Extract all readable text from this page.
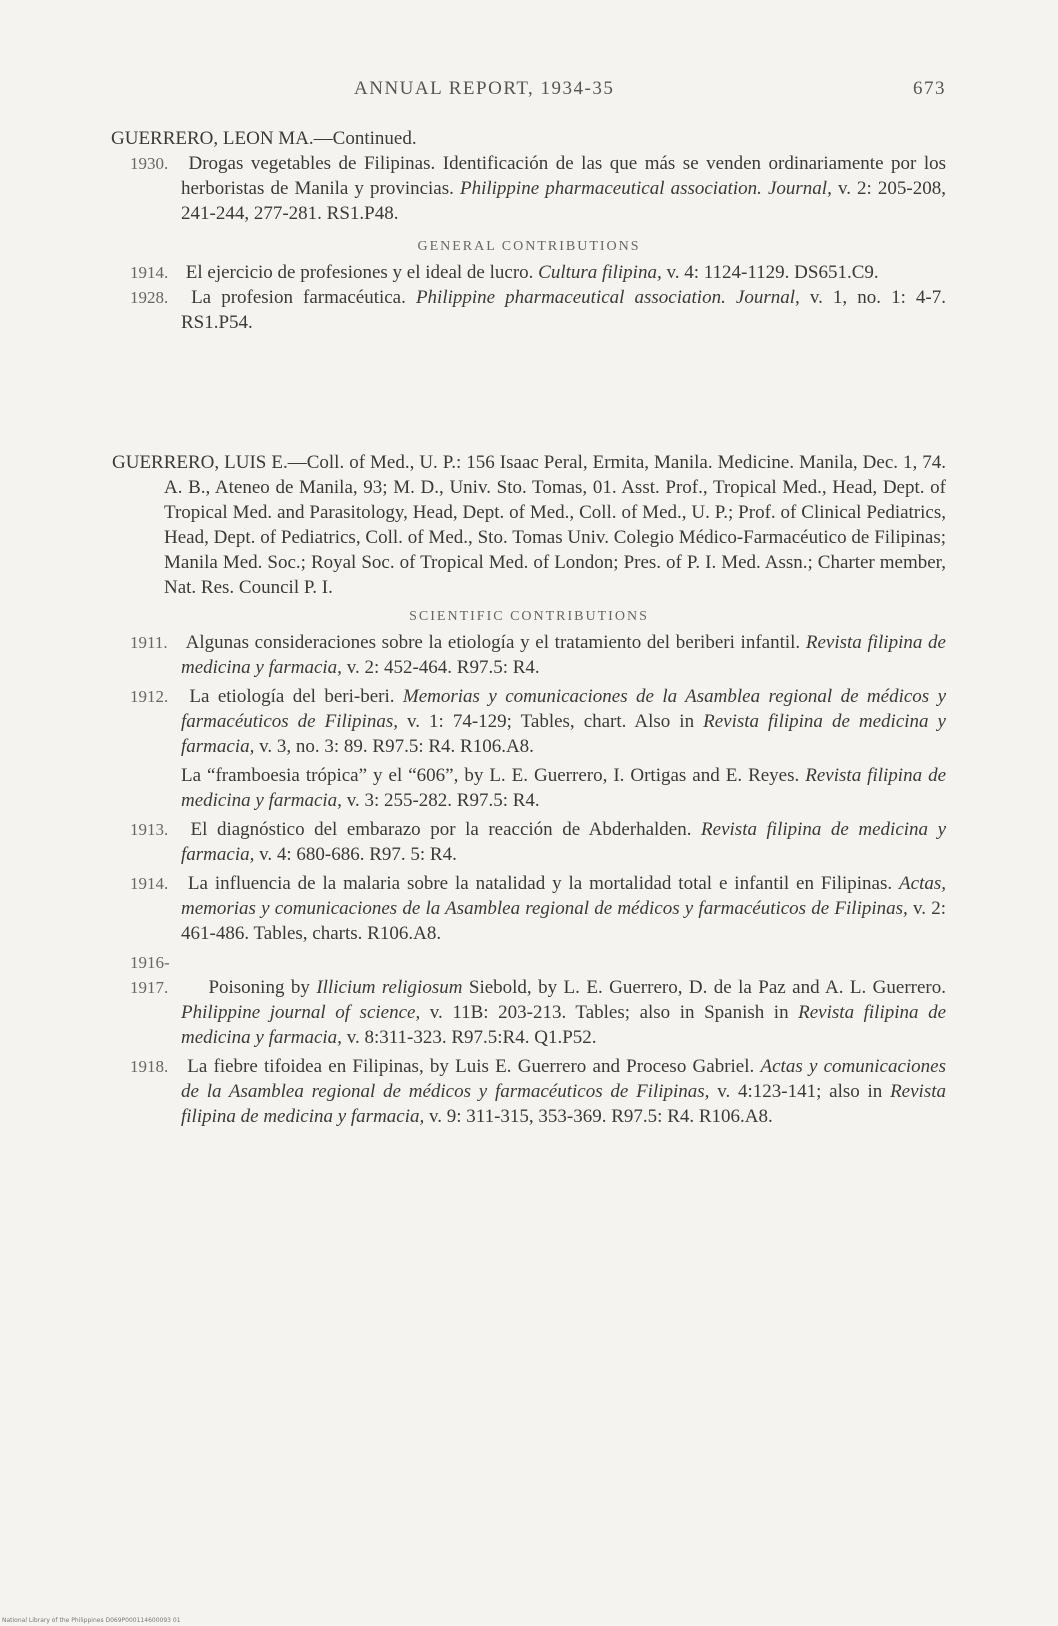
ANNUAL REPORT, 1934-35	673

GUERRERO, LEON MA.—Continued.

1930. Drogas vegetables de Filipinas. Identificación de las que más se venden ordinariamente por los herboristas de Manila y provincias. Philippine pharmaceutical association. Journal, v. 2: 205-208, 241-244, 277-281. RS1.P48.

GENERAL CONTRIBUTIONS

1914. El ejercicio de profesiones y el ideal de lucro. Cultura filipina, v. 4: 1124-1129. DS651.C9.

1928. La profesion farmacéutica. Philippine pharmaceutical association. Journal, v. 1, no. 1: 4-7. RS1.P54.

GUERRERO, LUIS E.—Coll. of Med., U. P.: 156 Isaac Peral, Ermita, Manila. Medicine. Manila, Dec. 1, 74. A. B., Ateneo de Manila, 93; M. D., Univ. Sto. Tomas, 01. Asst. Prof., Tropical Med., Head, Dept. of Tropical Med. and Parasitology, Head, Dept. of Med., Coll. of Med., U. P.; Prof. of Clinical Pediatrics, Head, Dept. of Pediatrics, Coll. of Med., Sto. Tomas Univ. Colegio Médico-Farmacéutico de Filipinas; Manila Med. Soc.; Royal Soc. of Tropical Med. of London; Pres. of P. I. Med. Assn.; Charter member, Nat. Res. Council P. I.

SCIENTIFIC CONTRIBUTIONS

1911. Algunas consideraciones sobre la etiología y el tratamiento del beriberi infantil. Revista filipina de medicina y farmacia, v. 2: 452-464. R97.5: R4.

1912. La etiología del beri-beri. Memorias y comunicaciones de la Asamblea regional de médicos y farmacéuticos de Filipinas, v. 1: 74-129; Tables, chart. Also in Revista filipina de medicina y farmacia, v. 3, no. 3: 89. R97.5: R4. R106.A8.

La “framboesia trópica” y el “606”, by L. E. Guerrero, I. Ortigas and E. Reyes. Revista filipina de medicina y farmacia, v. 3: 255-282. R97.5: R4.

1913. El diagnóstico del embarazo por la reacción de Abderhalden. Revista filipina de medicina y farmacia, v. 4: 680-686. R97. 5: R4.

1914. La influencia de la malaria sobre la natalidad y la mortalidad total e infantil en Filipinas. Actas, memorias y comunicaciones de la Asamblea regional de médicos y farmacéuticos de Filipinas, v. 2: 461-486. Tables, charts. R106.A8.

1916-1917. Poisoning by Illicium religiosum Siebold, by L. E. Guerrero, D. de la Paz and A. L. Guerrero. Philippine journal of science, v. 11B: 203-213. Tables; also in Spanish in Revista filipina de medicina y farmacia, v. 8:311-323. R97.5:R4. Q1.P52.

1918. La fiebre tifoidea en Filipinas, by Luis E. Guerrero and Proceso Gabriel. Actas y comunicaciones de la Asamblea regional de médicos y farmacéuticos de Filipinas, v. 4:123-141; also in Revista filipina de medicina y farmacia, v. 9: 311-315, 353-369. R97.5: R4. R106.A8.

National Library of the Philippines D069P000114600093 01
